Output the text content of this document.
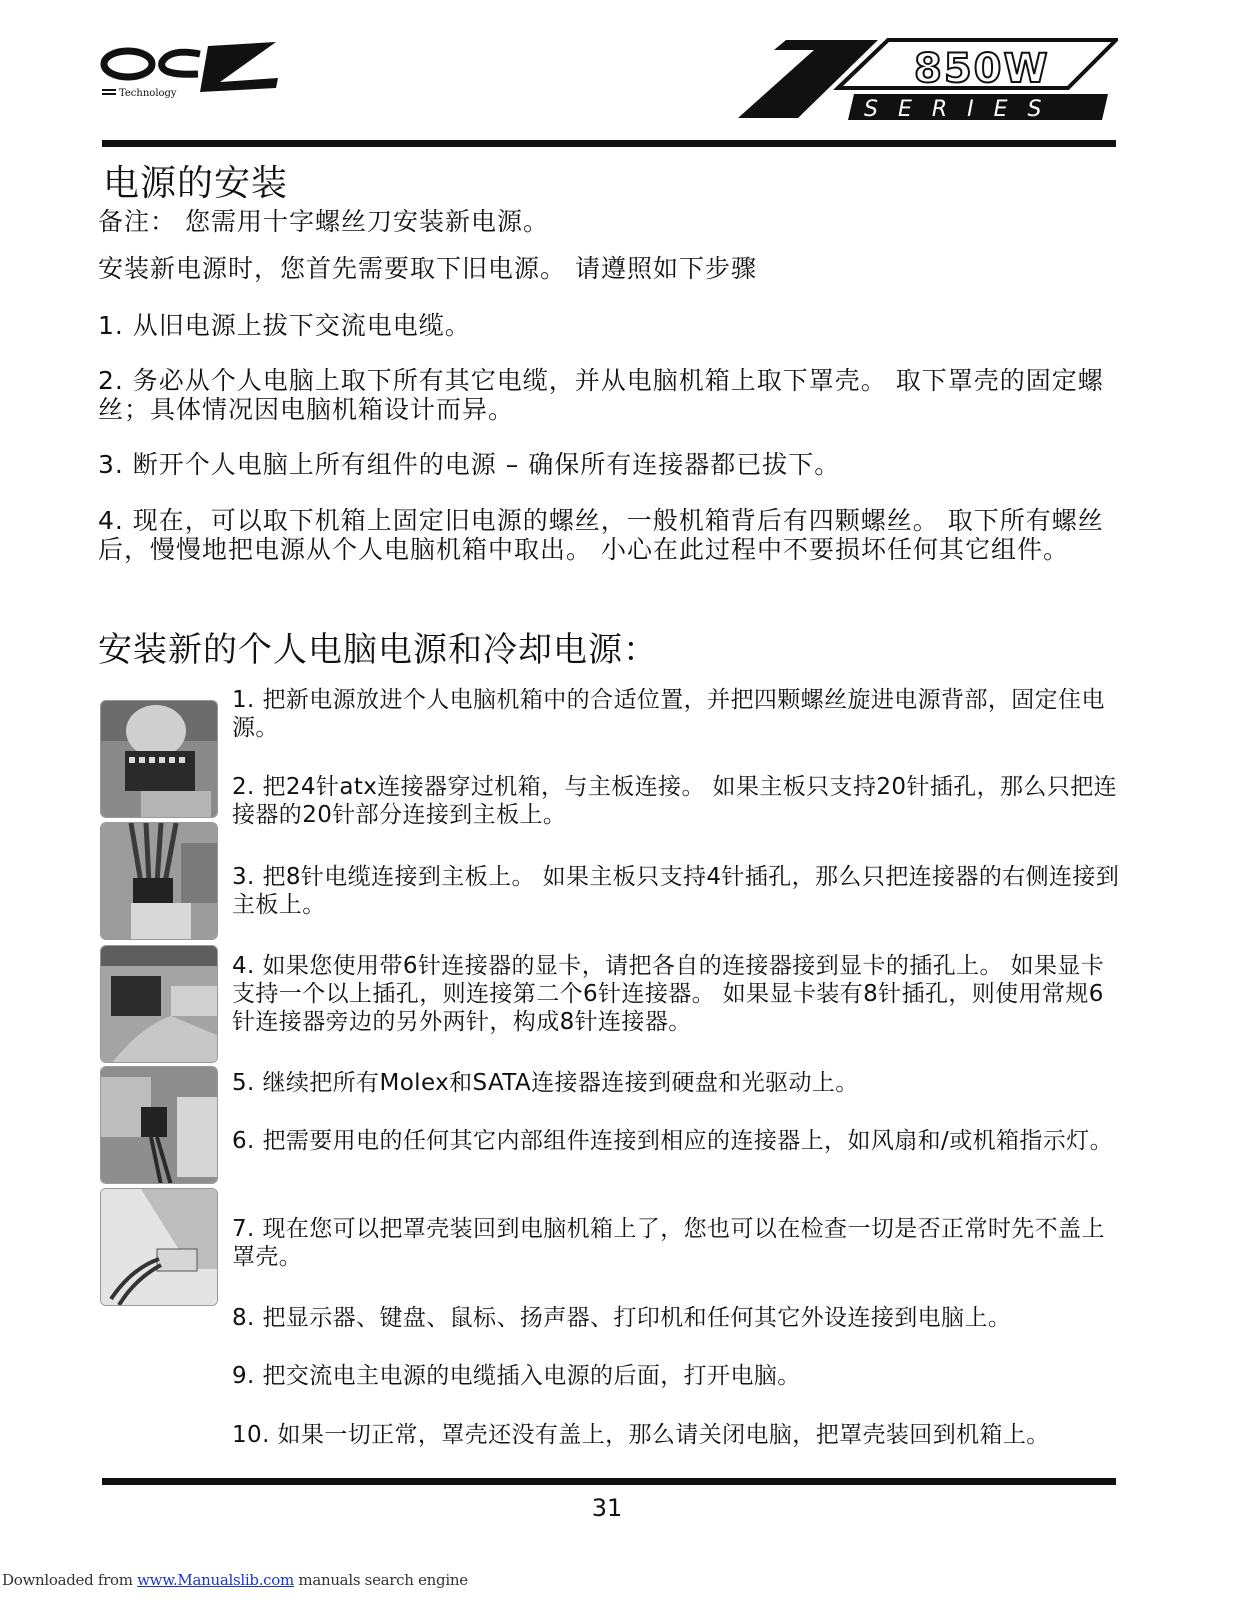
Technology
850W
SERIES
电源的安装
备注： 您需用十字螺丝刀安装新电源。
安装新电源时，您首先需要取下旧电源。 请遵照如下步骤
1. 从旧电源上拔下交流电电缆。
2. 务必从个人电脑上取下所有其它电缆，并从电脑机箱上取下罩壳。 取下罩壳的固定螺丝；具体情况因电脑机箱设计而异。
3. 断开个人电脑上所有组件的电源 – 确保所有连接器都已拔下。
4. 现在，可以取下机箱上固定旧电源的螺丝，一般机箱背后有四颗螺丝。 取下所有螺丝后，慢慢地把电源从个人电脑机箱中取出。 小心在此过程中不要损坏任何其它组件。
安装新的个人电脑电源和冷却电源：
1. 把新电源放进个人电脑机箱中的合适位置，并把四颗螺丝旋进电源背部，固定住电源。
2. 把24针atx连接器穿过机箱，与主板连接。 如果主板只支持20针插孔，那么只把连接器的20针部分连接到主板上。
3. 把8针电缆连接到主板上。 如果主板只支持4针插孔，那么只把连接器的右侧连接到主板上。
4. 如果您使用带6针连接器的显卡，请把各自的连接器接到显卡的插孔上。 如果显卡支持一个以上插孔，则连接第二个6针连接器。 如果显卡装有8针插孔，则使用常规6针连接器旁边的另外两针，构成8针连接器。
5. 继续把所有Molex和SATA连接器连接到硬盘和光驱动上。
6. 把需要用电的任何其它内部组件连接到相应的连接器上，如风扇和/或机箱指示灯。
7. 现在您可以把罩壳装回到电脑机箱上了，您也可以在检查一切是否正常时先不盖上罩壳。
8. 把显示器、键盘、鼠标、扬声器、打印机和任何其它外设连接到电脑上。
9. 把交流电主电源的电缆插入电源的后面，打开电脑。
10. 如果一切正常，罩壳还没有盖上，那么请关闭电脑，把罩壳装回到机箱上。
31
Downloaded from www.Manualslib.com manuals search engine
